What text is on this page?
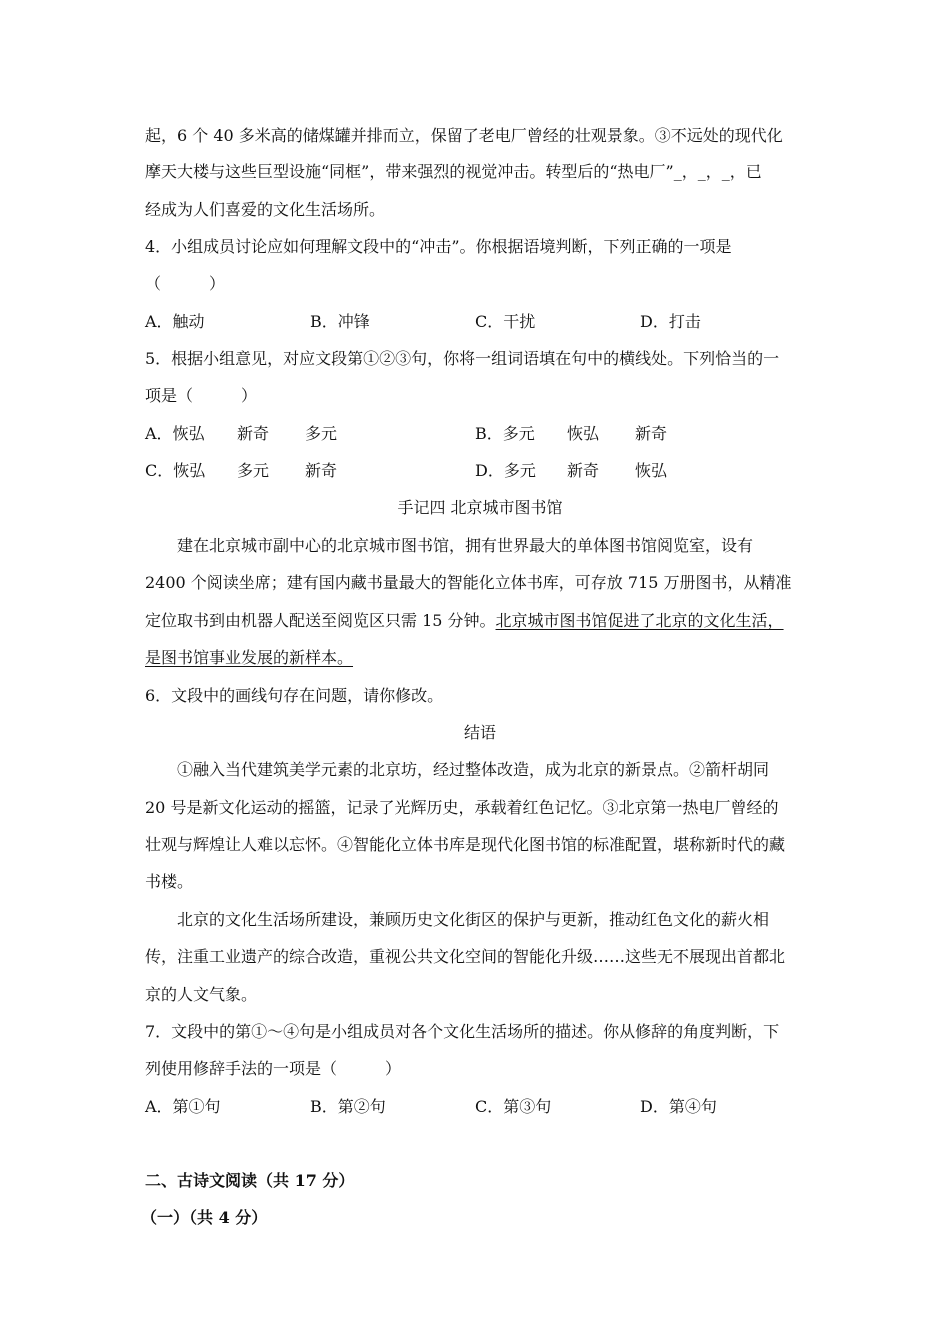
起，6 个 40 多米高的储煤罐并排而立，保留了老电厂曾经的壮观景象。③不远处的现代化
摩天大楼与这些巨型设施“同框”，带来强烈的视觉冲击。转型后的“热电厂”_，_，_，已
经成为人们喜爱的文化生活场所。
4．小组成员讨论应如何理解文段中的“冲击”。你根据语境判断，下列正确的一项是
（　　　）
A．触动	B．冲锋	C．干扰	D．打击
5．根据小组意见，对应文段第①②③句，你将一组词语填在句中的横线处。下列恰当的一
项是（　　　）
A．恢弘 新奇 多元	B．多元 恢弘 新奇
C．恢弘 多元 新奇	D．多元 新奇 恢弘
手记四 北京城市图书馆
建在北京城市副中心的北京城市图书馆，拥有世界最大的单体图书馆阅览室，设有
2400 个阅读坐席；建有国内藏书量最大的智能化立体书库，可存放 715 万册图书，从精准
定位取书到由机器人配送至阅览区只需 15 分钟。北京城市图书馆促进了北京的文化生活，
是图书馆事业发展的新样本。
6．文段中的画线句存在问题，请你修改。
结语
①融入当代建筑美学元素的北京坊，经过整体改造，成为北京的新景点。②箭杆胡同
20 号是新文化运动的摇篮，记录了光辉历史，承载着红色记忆。③北京第一热电厂曾经的
壮观与辉煌让人难以忘怀。④智能化立体书库是现代化图书馆的标准配置，堪称新时代的藏
书楼。
北京的文化生活场所建设，兼顾历史文化街区的保护与更新，推动红色文化的薪火相
传，注重工业遗产的综合改造，重视公共文化空间的智能化升级……这些无不展现出首都北
京的人文气象。
7．文段中的第①～④句是小组成员对各个文化生活场所的描述。你从修辞的角度判断，下
列使用修辞手法的一项是（　　　）
A．第①句	B．第②句	C．第③句	D．第④句
二、古诗文阅读（共 17 分）
（一）（共 4 分）
